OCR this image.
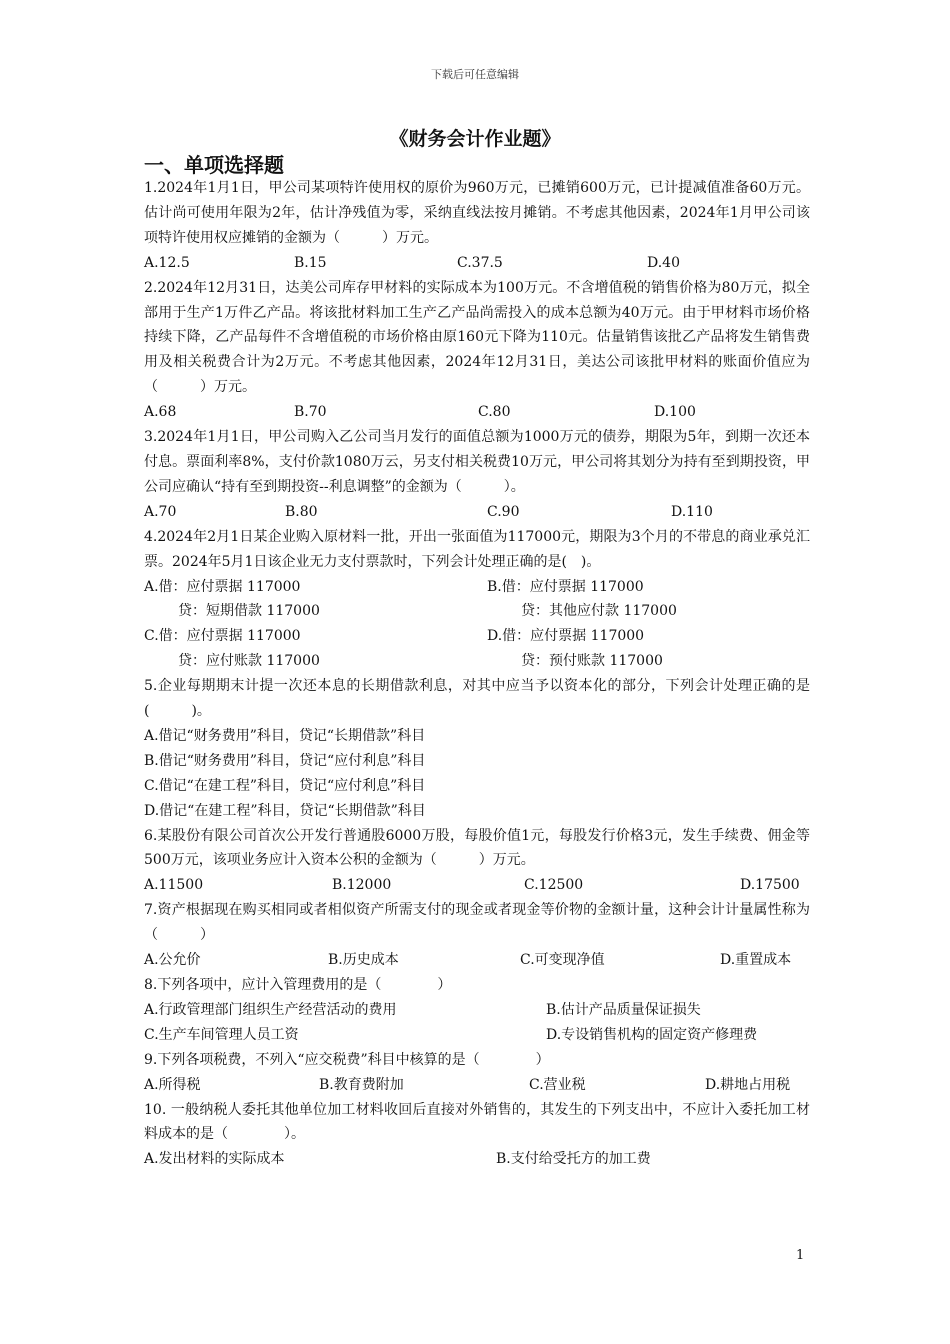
下载后可任意编辑
《财务会计作业题》
一、单项选择题
1.2024年1月1日，甲公司某项特许使用权的原价为960万元，已摊销600万元，已计提减值准备60万元。估计尚可使用年限为2年，估计净残值为零，采纳直线法按月摊销。不考虑其他因素，2024年1月甲公司该项特许使用权应摊销的金额为（　　　）万元。
A.12.5	B.15	C.37.5	D.40
2.2024年12月31日，达美公司库存甲材料的实际成本为100万元。不含增值税的销售价格为80万元，拟全部用于生产1万件乙产品。将该批材料加工生产乙产品尚需投入的成本总额为40万元。由于甲材料市场价格持续下降，乙产品每件不含增值税的市场价格由原160元下降为110元。估量销售该批乙产品将发生销售费用及相关税费合计为2万元。不考虑其他因素，2024年12月31日，美达公司该批甲材料的账面价值应为（　　　）万元。
A.68	B.70	C.80	D.100
3.2024年1月1日，甲公司购入乙公司当月发行的面值总额为1000万元的债券，期限为5年，到期一次还本付息。票面利率8%，支付价款1080万云，另支付相关税费10万元，甲公司将其划分为持有至到期投资，甲公司应确认“持有至到期投资--利息调整”的金额为（　　　）。
A.70	B.80	C.90	D.110
4.2024年2月1日某企业购入原材料一批，开出一张面值为117000元，期限为3个月的不带息的商业承兑汇票。2024年5月1日该企业无力支付票款时，下列会计处理正确的是(　)。
A.借：应付票据 117000	B.借：应付票据 117000
贷：短期借款 117000	贷：其他应付款 117000
C.借：应付票据 117000	D.借：应付票据 117000
贷：应付账款 117000	贷：预付账款 117000
5.企业每期期末计提一次还本息的长期借款利息，对其中应当予以资本化的部分，下列会计处理正确的是(　　　)。
A.借记“财务费用”科目，贷记“长期借款”科目
B.借记“财务费用”科目，贷记“应付利息”科目
C.借记“在建工程”科目，贷记“应付利息”科目
D.借记“在建工程”科目，贷记“长期借款”科目
6.某股份有限公司首次公开发行普通股6000万股，每股价值1元，每股发行价格3元，发生手续费、佣金等500万元，该项业务应计入资本公积的金额为（　　　）万元。
A.11500	B.12000	C.12500	D.17500
7.资产根据现在购买相同或者相似资产所需支付的现金或者现金等价物的金额计量，这种会计计量属性称为（　　　）
A.公允价	B.历史成本	C.可变现净值	D.重置成本
8.下列各项中，应计入管理费用的是（　　　　）
A.行政管理部门组织生产经营活动的费用	B.估计产品质量保证损失
C.生产车间管理人员工资	D.专设销售机构的固定资产修理费
9.下列各项税费，不列入“应交税费”科目中核算的是（　　　　）
A.所得税	B.教育费附加	C.营业税	D.耕地占用税
10. 一般纳税人委托其他单位加工材料收回后直接对外销售的，其发生的下列支出中，不应计入委托加工材料成本的是（　　　　）。
A.发出材料的实际成本	B.支付给受托方的加工费
1
